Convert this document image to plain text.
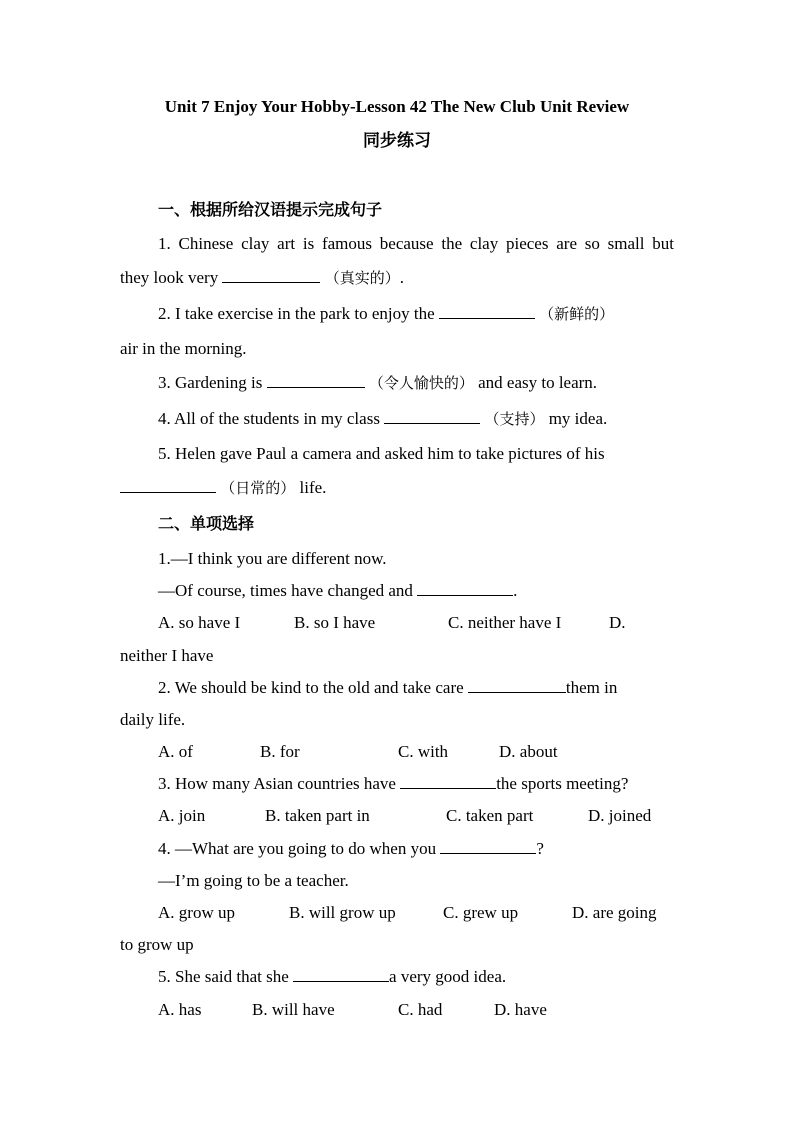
Unit 7 Enjoy Your Hobby-Lesson 42 The New Club Unit Review
同步练习
一、根据所给汉语提示完成句子
1. Chinese clay art is famous because the clay pieces are so small but
they look very	（真实的）.
2. I take exercise in the park to enjoy the	（新鲜的）
air in the morning.
3. Gardening is	（令人愉快的） and easy to learn.
4. All of the students in my class	（支持） my idea.
5. Helen gave Paul a camera and asked him to take pictures of his
（日常的） life.
二、单项选择
1.—I think you are different now.
—Of course, times have changed and	.
A. so have I	B. so I have	C. neither have I	D.
neither I have
2. We should be kind to the old and take care	them in
daily life.
A. of	B. for	C. with	D. about
3. How many Asian countries have	the sports meeting?
A. join	B. taken part in	C. taken part	D. joined
4. —What are you going to do when you	?
—I’m going to be a teacher.
A. grow up	B. will grow up	C. grew up	D. are going
to grow up
5. She said that she	a very good idea.
A. has	B. will have	C. had	D. have
